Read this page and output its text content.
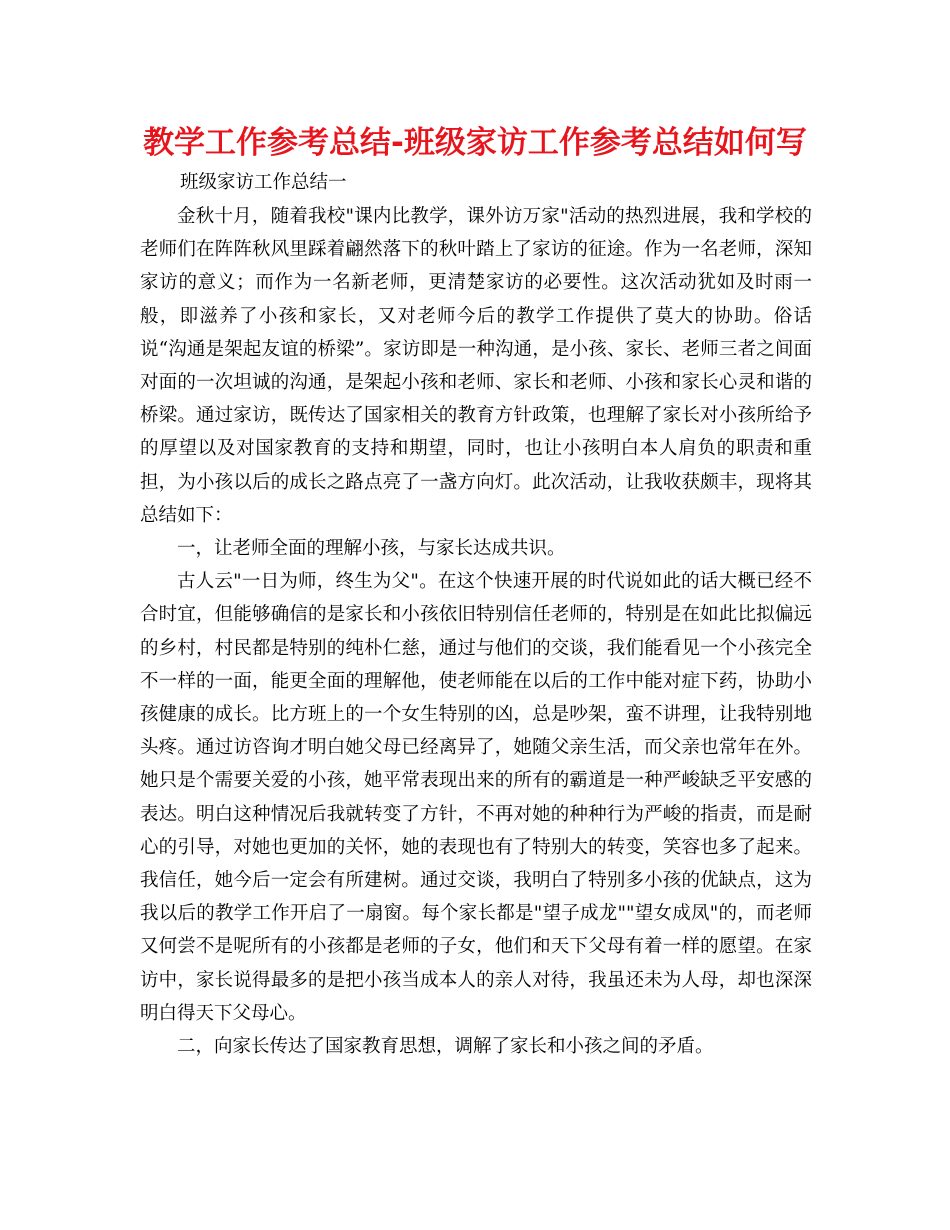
教学工作参考总结-班级家访工作参考总结如何写
班级家访工作总结一

金秋十月，随着我校"课内比教学，课外访万家"活动的热烈进展，我和学校的老师们在阵阵秋风里踩着翩然落下的秋叶踏上了家访的征途。作为一名老师，深知家访的意义；而作为一名新老师，更清楚家访的必要性。这次活动犹如及时雨一般，即滋养了小孩和家长，又对老师今后的教学工作提供了莫大的协助。俗话说“沟通是架起友谊的桥梁”。家访即是一种沟通，是小孩、家长、老师三者之间面对面的一次坦诚的沟通，是架起小孩和老师、家长和老师、小孩和家长心灵和谐的桥梁。通过家访，既传达了国家相关的教育方针政策，也理解了家长对小孩所给予的厚望以及对国家教育的支持和期望，同时，也让小孩明白本人肩负的职责和重担，为小孩以后的成长之路点亮了一盏方向灯。此次活动，让我收获颇丰，现将其总结如下：

一，让老师全面的理解小孩，与家长达成共识。

古人云"一日为师，终生为父"。在这个快速开展的时代说如此的话大概已经不合时宜，但能够确信的是家长和小孩依旧特别信任老师的，特别是在如此比拟偏远的乡村，村民都是特别的纯朴仁慈，通过与他们的交谈，我们能看见一个小孩完全不一样的一面，能更全面的理解他，使老师能在以后的工作中能对症下药，协助小孩健康的成长。比方班上的一个女生特别的凶，总是吵架，蛮不讲理，让我特别地头疼。通过访咨询才明白她父母已经离异了，她随父亲生活，而父亲也常年在外。她只是个需要关爱的小孩，她平常表现出来的所有的霸道是一种严峻缺乏平安感的表达。明白这种情况后我就转变了方针，不再对她的种种行为严峻的指责，而是耐心的引导，对她也更加的关怀，她的表现也有了特别大的转变，笑容也多了起来。我信任，她今后一定会有所建树。通过交谈，我明白了特别多小孩的优缺点，这为我以后的教学工作开启了一扇窗。每个家长都是"望子成龙""望女成凤"的，而老师又何尝不是呢所有的小孩都是老师的子女，他们和天下父母有着一样的愿望。在家访中，家长说得最多的是把小孩当成本人的亲人对待，我虽还未为人母，却也深深明白得天下父母心。

二，向家长传达了国家教育思想，调解了家长和小孩之间的矛盾。
